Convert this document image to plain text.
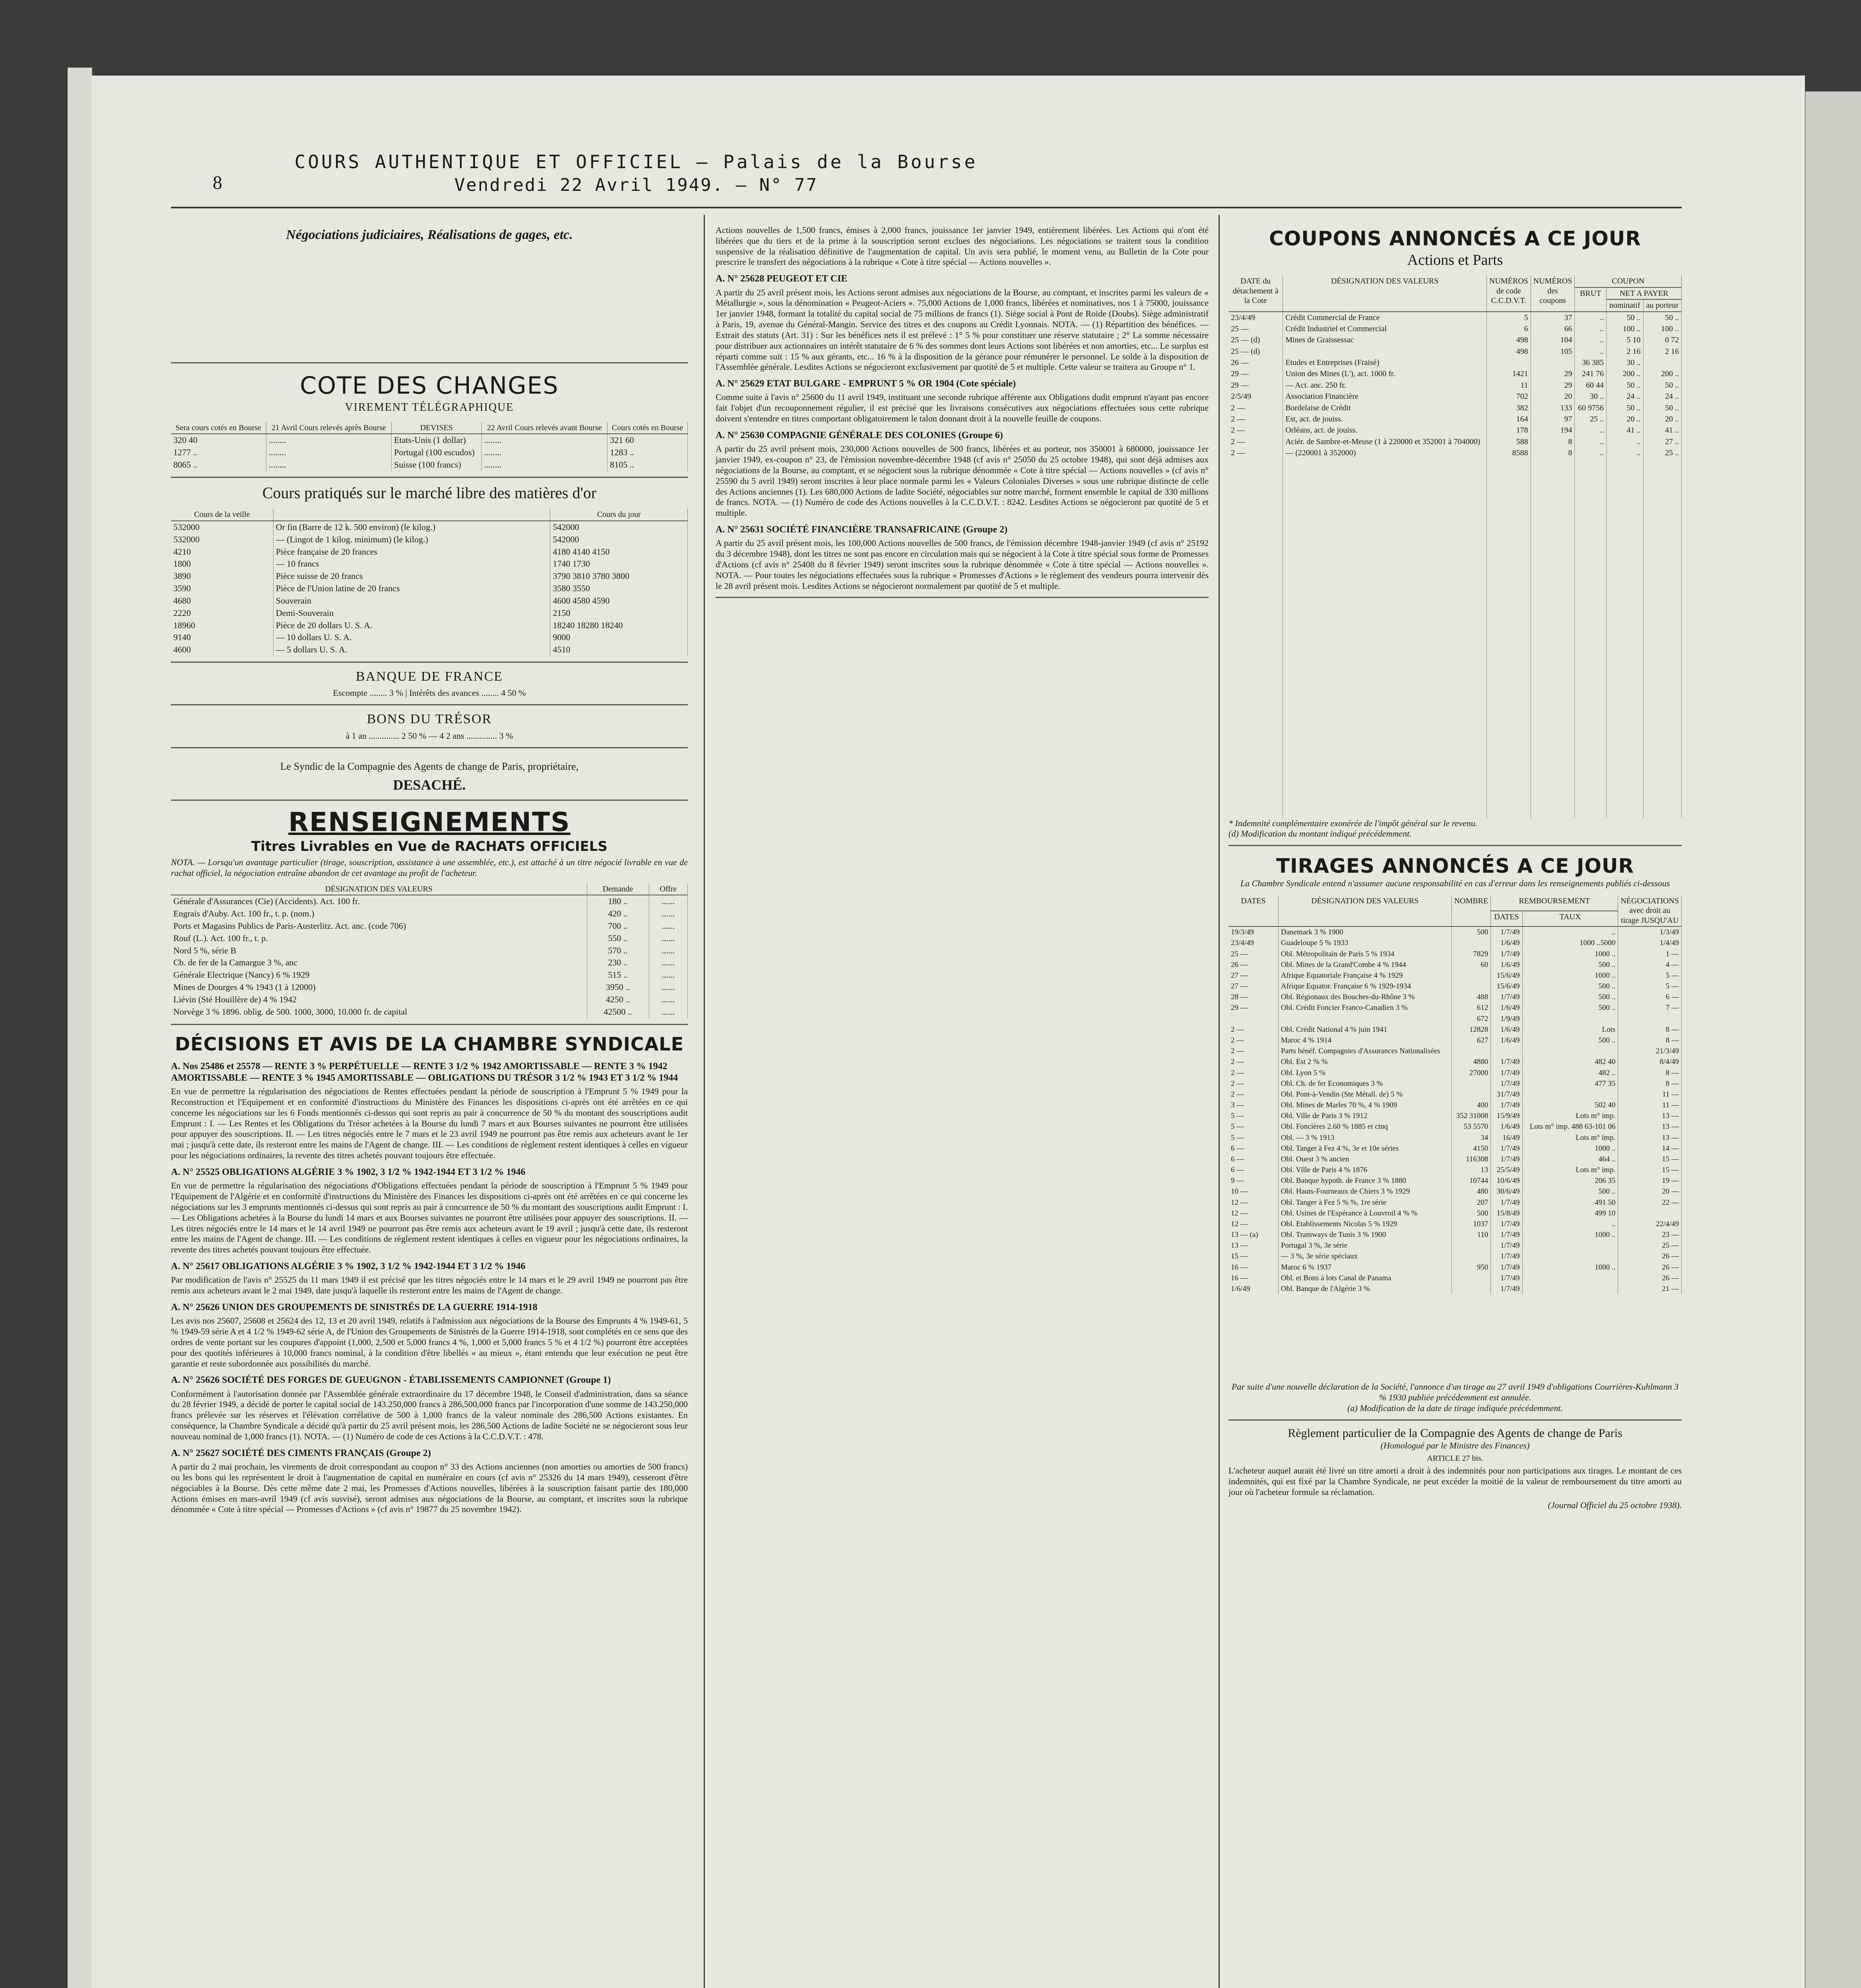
8
COURS AUTHENTIQUE ET OFFICIEL — Palais de la Bourse
Vendredi 22 Avril 1949. — N° 77
Négociations judiciaires, Réalisations de gages, etc.
COTE DES CHANGES
VIREMENT TÉLÉGRAPHIQUE
Sera cours cotés en Bourse	21 Avril Cours relevés après Bourse	DEVISES	22 Avril Cours relevés avant Bourse	Cours cotés en Bourse
320 40	........	Etats-Unis (1 dollar)	........	321 60
1277 ..	........	Portugal (100 escudos)	........	1283 ..
8065 ..	........	Suisse (100 francs)	........	8105 ..
Cours pratiqués sur le marché libre des matières d'or
Cours de la veille		Cours du jour
532000	Or fin (Barre de 12 k. 500 environ) (le kilog.)	542000
532000	— (Lingot de 1 kilog. minimum) (le kilog.)	542000
4210	Pièce française de 20 frances	4180 4140 4150
1800	— 10 francs	1740 1730
3890	Pièce suisse de 20 francs	3790 3810 3780 3800
3590	Pièce de l'Union latine de 20 francs	3580 3550
4680	Souverain	4600 4580 4590
2220	Demi-Souverain	2150
18960	Pièce de 20 dollars U. S. A.	18240 18280 18240
9140	— 10 dollars U. S. A.	9000
4600	— 5 dollars U. S. A.	4510
BANQUE DE FRANCE
Escompte ........ 3 % | Intérêts des avances ........ 4 50 %
BONS DU TRÉSOR
à 1 an .............. 2 50 % — 4 2 ans .............. 3 %
Le Syndic de la Compagnie des Agents de change de Paris, propriétaire,
DESACHÉ.
RENSEIGNEMENTS
Titres Livrables en Vue de RACHATS OFFICIELS
NOTA. — Lorsqu'un avantage particulier (tirage, souscription, assistance à une assemblée, etc.), est attaché à un titre négocié livrable en vue de rachat officiel, la négociation entraîne abandon de cet avantage au profit de l'acheteur.
DÉSIGNATION DES VALEURS	Demande	Offre
Générale d'Assurances (Cie) (Accidents). Act. 100 fr.	180 ..	......
Engrais d'Auby. Act. 100 fr., t. p. (nom.)	420 ..	......
Ports et Magasins Publics de Paris-Austerlitz. Act. anc. (code 706)	700 ..	......
Rouf (L.). Act. 100 fr., t. p.	550 ..	......
Nord 5 %, série B	570 ..	......
Cb. de fer de la Camargue 3 %, anc	230 ..	......
Générale Electrique (Nancy) 6 % 1929	515 ..	......
Mines de Dourges 4 % 1943 (1 à 12000)	3950 ..	......
Liévin (Sté Houillère de) 4 % 1942	4250 ..	......
Norvège 3 % 1896. oblig. de 500. 1000, 3000, 10.000 fr. de capital	42500 ..	......
DÉCISIONS ET AVIS DE LA CHAMBRE SYNDICALE
A. Nos 25486 et 25578 — RENTE 3 % PERPÉTUELLE — RENTE 3 1/2 % 1942 AMORTISSABLE — RENTE 3 % 1942 AMORTISSABLE — RENTE 3 % 1945 AMORTISSABLE — OBLIGATIONS DU TRÉSOR 3 1/2 % 1943 ET 3 1/2 % 1944
En vue de permettre la régularisation des négociations de Rentes effectuées pendant la période de souscription à l'Emprunt 5 % 1949 pour la Reconstruction et l'Equipement et en conformité d'instructions du Ministère des Finances les dispositions ci-après ont été arrêtées en ce qui concerne les négociations sur les 6 Fonds mentionnés ci-dessus qui sont repris au pair à concurrence de 50 % du montant des souscriptions audit Emprunt : I. — Les Rentes et les Obligations du Trésor achetées à la Bourse du lundi 7 mars et aux Bourses suivantes ne pourront être utilisées pour appuyer des souscriptions. II. — Les titres négociés entre le 7 mars et le 23 avril 1949 ne pourront pas être remis aux acheteurs avant le 1er mai ; jusqu'à cette date, ils resteront entre les mains de l'Agent de change. III. — Les conditions de règlement restent identiques à celles en vigueur pour les négociations ordinaires, la revente des titres achetés pouvant toujours être effectuée.
A. N° 25525 OBLIGATIONS ALGÉRIE 3 % 1902, 3 1/2 % 1942-1944 ET 3 1/2 % 1946
En vue de permettre la régularisation des négociations d'Obligations effectuées pendant la période de souscription à l'Emprunt 5 % 1949 pour l'Equipement de l'Algérie et en conformité d'instructions du Ministère des Finances les dispositions ci-après ont été arrêtées en ce qui concerne les négociations sur les 3 emprunts mentionnés ci-dessus qui sont repris au pair à concurrence de 50 % du montant des souscriptions audit Emprunt : I. — Les Obligations achetées à la Bourse du lundi 14 mars et aux Bourses suivantes ne pourront être utilisées pour appuyer des souscriptions. II. — Les titres négociés entre le 14 mars et le 14 avril 1949 ne pourront pas être remis aux acheteurs avant le 19 avril ; jusqu'à cette date, ils resteront entre les mains de l'Agent de change. III. — Les conditions de règlement restent identiques à celles en vigueur pour les négociations ordinaires, la revente des titres achetés pouvant toujours être effectuée.
A. N° 25617 OBLIGATIONS ALGÉRIE 3 % 1902, 3 1/2 % 1942-1944 ET 3 1/2 % 1946
Par modification de l'avis n° 25525 du 11 mars 1949 il est précisé que les titres négociés entre le 14 mars et le 29 avril 1949 ne pourront pas être remis aux acheteurs avant le 2 mai 1949, date jusqu'à laquelle ils resteront entre les mains de l'Agent de change.
A. N° 25626 UNION DES GROUPEMENTS DE SINISTRÉS DE LA GUERRE 1914-1918
Les avis nos 25607, 25608 et 25624 des 12, 13 et 20 avril 1949, relatifs à l'admission aux négociations de la Bourse des Emprunts 4 % 1949-61, 5 % 1949-59 série A et 4 1/2 % 1949-62 série A, de l'Union des Groupements de Sinistrés de la Guerre 1914-1918, sont complétés en ce sens que des ordres de vente portant sur les coupures d'appoint (1,000, 2,500 et 5,000 francs 4 %, 1,000 et 5,000 francs 5 % et 4 1/2 %) pourront être acceptées pour des quotités inférieures à 10,000 francs nominal, à la condition d'être libellés « au mieux », étant entendu que leur exécution ne peut être garantie et reste subordonnée aux possibilités du marché.
A. N° 25626 SOCIÉTÉ DES FORGES DE GUEUGNON - ÉTABLISSEMENTS CAMPIONNET (Groupe 1)
Conformément à l'autorisation donnée par l'Assemblée générale extraordinaire du 17 décembre 1948, le Conseil d'administration, dans sa séance du 28 février 1949, a décidé de porter le capital social de 143.250,000 francs à 286,500,000 francs par l'incorporation d'une somme de 143.250,000 francs prélevée sur les réserves et l'élévation corrélative de 500 à 1,000 francs de la valeur nominale des 286,500 Actions existantes. En conséquence, la Chambre Syndicale a décidé qu'à partir du 25 avril présent mois, les 286,500 Actions de ladite Société ne se négocieront sous leur nouveau nominal de 1,000 francs (1). NOTA. — (1) Numéro de code de ces Actions à la C.C.D.V.T. : 478.
A. N° 25627 SOCIÉTÉ DES CIMENTS FRANÇAIS (Groupe 2)
A partir du 2 mai prochain, les virements de droit correspondant au coupon n° 33 des Actions anciennes (non amorties ou amorties de 500 francs) ou les bons qui les représentent le droit à l'augmentation de capital en numéraire en cours (cf avis n° 25326 du 14 mars 1949), cesseront d'être négociables à la Bourse. Dès cette même date 2 mai, les Promesses d'Actions nouvelles, libérées à la souscription faisant partie des 180,000 Actions émises en mars-avril 1949 (cf avis susvisé), seront admises aux négociations de la Bourse, au comptant, et inscrites sous la rubrique dénommée « Cote à titre spécial — Promesses d'Actions » (cf avis n° 19877 du 25 novembre 1942).
Actions nouvelles de 1,500 francs, émises à 2,000 francs, jouissance 1er janvier 1949, entièrement libérées. Les Actions qui n'ont été libérées que du tiers et de la prime à la souscription seront exclues des négociations. Les négociations se traitent sous la condition suspensive de la réalisation définitive de l'augmentation de capital. Un avis sera publié, le moment venu, au Bulletin de la Cote pour prescrire le transfert des négociations à la rubrique « Cote à titre spécial — Actions nouvelles ».
A. N° 25628 PEUGEOT ET CIE
A partir du 25 avril présent mois, les Actions seront admises aux négociations de la Bourse, au comptant, et inscrites parmi les valeurs de « Métallurgie », sous la dénomination « Peugeot-Aciers ». 75,000 Actions de 1,000 francs, libérées et nominatives, nos 1 à 75000, jouissance 1er janvier 1948, formant la totalité du capital social de 75 millions de francs (1). Siège social à Pont de Roide (Doubs). Siège administratif à Paris, 19, avenue du Général-Mangin. Service des titres et des coupons au Crédit Lyonnais. NOTA. — (1) Répartition des bénéfices. — Extrait des statuts (Art. 31) : Sur les bénéfices nets il est prélevé : 1° 5 % pour constituer une réserve statutaire ; 2° La somme nécessaire pour distribuer aux actionnaires un intérêt statutaire de 6 % des sommes dont leurs Actions sont libérées et non amorties, etc... Le surplus est réparti comme suit : 15 % aux gérants, etc... 16 % à la disposition de la gérance pour rémunérer le personnel. Le solde à la disposition de l'Assemblée générale. Lesdites Actions se négocieront exclusivement par quotité de 5 et multiple. Cette valeur se traitera au Groupe n° 1.
A. N° 25629 ETAT BULGARE - EMPRUNT 5 % OR 1904 (Cote spéciale)
Comme suite à l'avis n° 25600 du 11 avril 1949, instituant une seconde rubrique afférente aux Obligations dudit emprunt n'ayant pas encore fait l'objet d'un recouponnement régulier, il est précisé que les livraisons consécutives aux négociations effectuées sous cette rubrique doivent s'entendre en titres comportant obligatoirement le talon donnant droit à la nouvelle feuille de coupons.
A. N° 25630 COMPAGNIE GÉNÉRALE DES COLONIES (Groupe 6)
A partir du 25 avril présent mois, 230,000 Actions nouvelles de 500 francs, libérées et au porteur, nos 350001 à 680000, jouissance 1er janvier 1949, ex-coupon n° 23, de l'émission novembre-décembre 1948 (cf avis n° 25050 du 25 octobre 1948), qui sont déjà admises aux négociations de la Bourse, au comptant, et se négocient sous la rubrique dénommée « Cote à titre spécial — Actions nouvelles » (cf avis n° 25590 du 5 avril 1949) seront inscrites à leur place normale parmi les « Valeurs Coloniales Diverses » sous une rubrique distincte de celle des Actions anciennes (1). Les 680,000 Actions de ladite Société, négociables sur notre marché, forment ensemble le capital de 330 millions de francs. NOTA. — (1) Numéro de code des Actions nouvelles à la C.C.D.V.T. : 8242. Lesdites Actions se négocieront par quotité de 5 et multiple.
A. N° 25631 SOCIÉTÉ FINANCIÈRE TRANSAFRICAINE (Groupe 2)
A partir du 25 avril présent mois, les 100,000 Actions nouvelles de 500 francs, de l'émission décembre 1948-janvier 1949 (cf avis n° 25192 du 3 décembre 1948), dont les titres ne sont pas encore en circulation mais qui se négocient à la Cote à titre spécial sous forme de Promesses d'Actions (cf avis n° 25408 du 8 février 1949) seront inscrites sous la rubrique dénommée « Cote à titre spécial — Actions nouvelles ». NOTA. — Pour toutes les négociations effectuées sous la rubrique « Promesses d'Actions » le règlement des vendeurs pourra intervenir dès le 28 avril présent mois. Lesdites Actions se négocieront normalement par quotité de 5 et multiple.
COUPONS ANNONCÉS A CE JOUR
Actions et Parts
DATE du détachement à la Cote	DÉSIGNATION DES VALEURS	NUMÉROS de code C.C.D.V.T.	NUMÉROS des coupons	COUPON		
				BRUT	NET A PAYER	
					nominatif	au porteur
23/4/49	Crédit Commercial de France	5	37	..	50 ..	50 ..
25 —	Crédit Industriel et Commercial	6	66	..	100 ..	100 ..
25 — (d)	Mines de Graissessac	498	104	..	5 10	0 72
25 — (d)		498	105	..	2 16	2 16
26 —	Etudes et Entreprises (Fraisé)			36 385	30 ..	
29 —	Union des Mines (L'), act. 1000 fr.	1421	29	241 76	200 ..	200 ..
29 —	— Act. anc. 250 fr.	11	29	60 44	50 ..	50 ..
2/5/49	Association Financière	702	20	30 ..	24 ..	24 ..
2 —	Bordelaise de Crédit	382	133	60 9756	50 ..	50 ..
2 —	Est, act. de jouiss.	164	97	25 ..	20 ..	20 ..
2 —	Orléans, act. de jouiss.	178	194	..	41 ..	41 ..
2 —	Aciér. de Sambre-et-Meuse (1 à 220000 et 352001 à 704000)	588	8	..	..	27 ..
2 —	— (220001 à 352000)	8588	8	..	..	25 ..

* Indemnité complémentaire exonérée de l'impôt général sur le revenu.
(d) Modification du montant indiqué précédemment.
TIRAGES ANNONCÉS A CE JOUR
La Chambre Syndicale entend n'assumer aucune responsabilité en cas d'erreur dans les renseignements publiés ci-dessous
DATES	DÉSIGNATION DES VALEURS	NOMBRE	REMBOURSEMENT		NÉGOCIATIONS avec droit au tirage JUSQU'AU
			DATES	TAUX	
19/3/49	Danemark 3 % 1900	500	1/7/49	..	1/3/49
23/4/49	Guadeloupe 5 % 1933		1/6/49	1000 ..5000	1/4/49
25 —	Obl. Métropolitain de Paris 5 % 1934	7829	1/7/49	1000 ..	1 —
26 —	Obl. Mines de la Grand'Combe 4 % 1944	60	1/6/49	500 ..	4 —
27 —	Afrique Equatoriale Française 4 % 1929		15/6/49	1000 ..	5 —
27 —	Afrique Equator. Française 6 % 1929-1934		15/6/49	500 ..	5 —
28 —	Obl. Régionaux des Bouches-du-Rhône 3 %	488	1/7/49	500 ..	6 —
29 —	Obl. Crédit Foncier Franco-Canadien 3 %	612	1/6/49	500 ..	7 —
		672	1/9/49		
2 —	Obl. Crédit National 4 % juin 1941	12828	1/6/49	Lots	8 —
2 —	Maroc 4 % 1914	627	1/6/49	500 ..	8 —
2 —	Parts bénéf. Compagnies d'Assurances Nationalisées				21/3/49
2 —	Obl. Est 2 % %	4880	1/7/49	482 40	8/4/49
2 —	Obl. Lyon 5 %	27000	1/7/49	482 ..	8 —
2 —	Obl. Ch. de fer Economiques 3 %		1/7/49	477 35	8 —
2 —	Obl. Pont-à-Vendin (Ste Métall. de) 5 %		31/7/49		11 —
3 —	Obl. Mines de Marles 70 %, 4 % 1909	400	1/7/49	502 40	11 —
5 —	Obl. Ville de Paris 3 % 1912	352 31008	15/9/49	Lots m° imp.	13 —
5 —	Obl. Foncières 2.60 % 1885 et cinq	53 5570	1/6/49	Lots m° imp. 488 63-101 06	13 —
5 —	Obl. — 3 % 1913	34	16/49	Lots m° imp.	13 —
6 —	Obl. Tanger à Fez 4 %, 3e et 10e séries	4150	1/7/49	1000 ..	14 —
6 —	Obl. Ouest 3 % ancien	116308	1/7/49	464 ..	15 —
6 —	Obl. Ville de Paris 4 % 1876	13	25/5/49	Lots m° imp.	15 —
9 —	Obl. Banque hypoth. de France 3 % 1880	10744	10/6/49	206 35	19 —
10 —	Obl. Hauts-Fourneaux de Chiers 3 % 1929	480	30/6/49	500 ..	20 —
12 —	Obl. Tanger à Fez 5 % %, 1re série	207	1/7/49	491 50	22 —
12 —	Obl. Usines de l'Espérance à Louvroil 4 % %	500	15/8/49	499 10	
12 —	Obl. Etablissements Nicolas 5 % 1929	1037	1/7/49	..	22/4/49
13 — (a)	Obl. Tramways de Tunis 3 % 1900	110	1/7/49	1000 ..	23 —
13 —	Portugal 3 %, 3e série		1/7/49		25 —
15 —	— 3 %, 3e série spéciaux		1/7/49		26 —
16 —	Maroc 6 % 1937	950	1/7/49	1000 ..	26 —
16 —	Obl. et Bons à lots Canal de Panama		1/7/49		26 —
1/6/49	Obl. Banque de l'Algérie 3 %		1/7/49		21 —
Par suite d'une nouvelle déclaration de la Société, l'annonce d'un tirage au 27 avril 1949 d'obligations Courrières-Kuhlmann 3 % 1930 publiée précédemment est annulée.
(a) Modification de la date de tirage indiquée précédemment.
Règlement particulier de la Compagnie des Agents de change de Paris
(Homologué par le Ministre des Finances)
ARTICLE 27 bis.
L'acheteur auquel aurait été livré un titre amorti a droit à des indemnités pour non participations aux tirages. Le montant de ces indemnités, qui est fixé par la Chambre Syndicale, ne peut excéder la moitié de la valeur de remboursement du titre amorti au jour où l'acheteur formule sa réclamation.
(Journal Officiel du 25 octobre 1938).
